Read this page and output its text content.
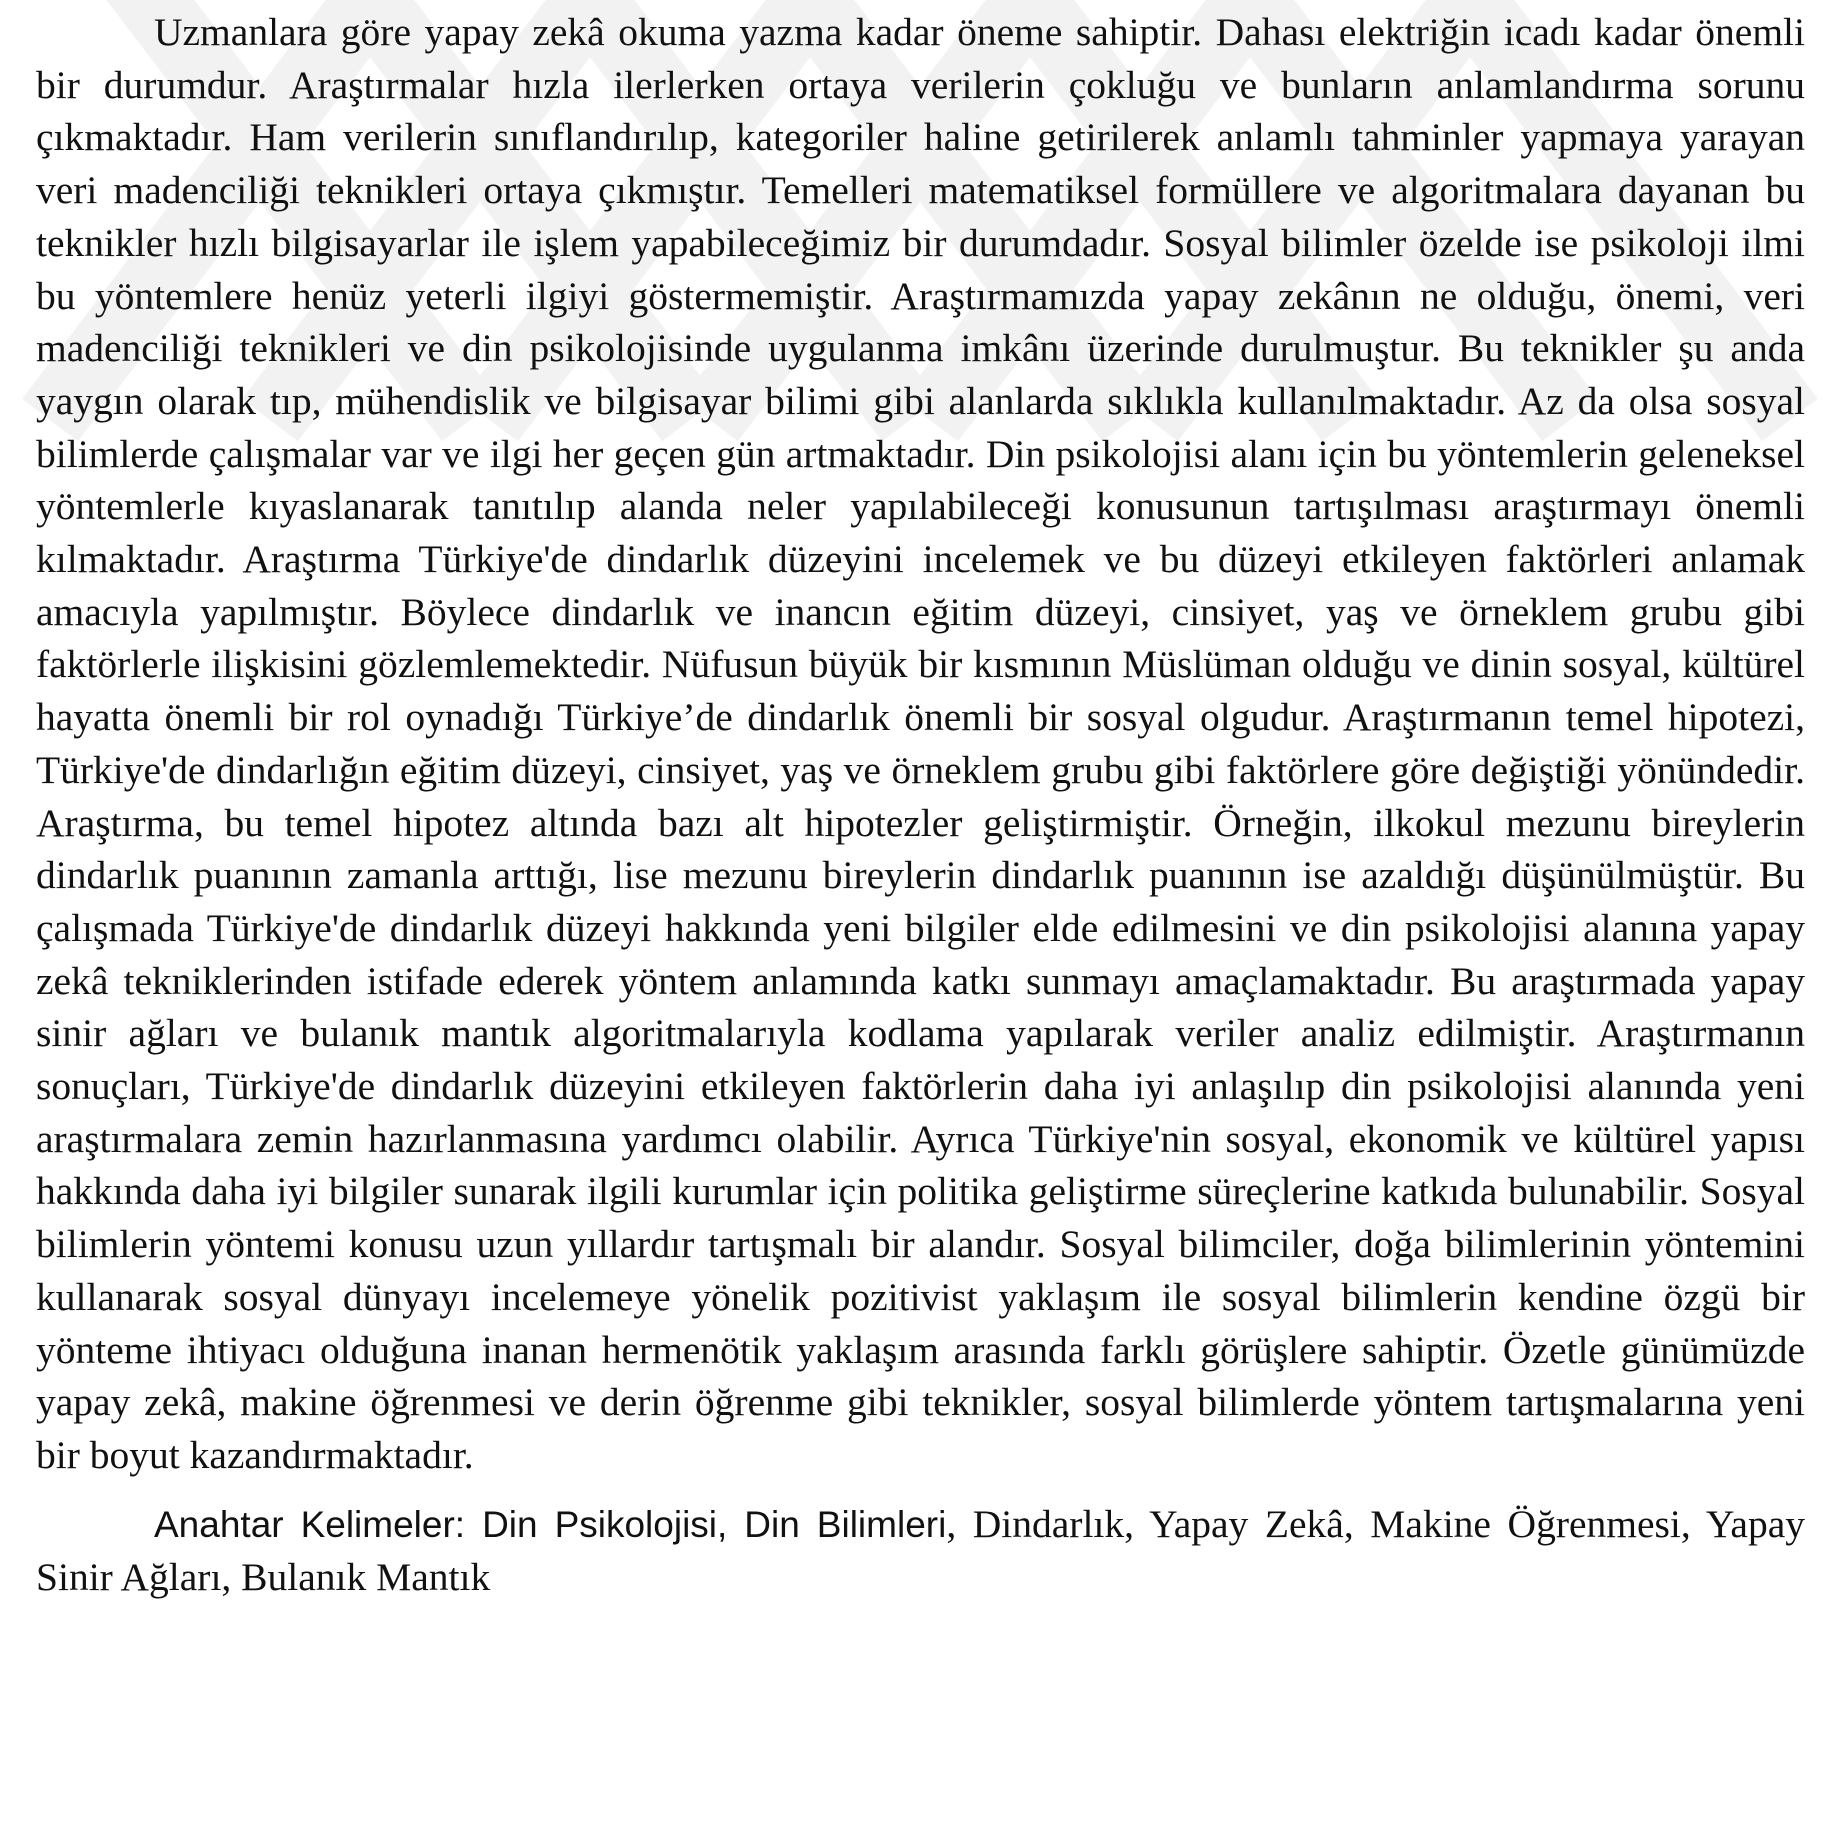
Uzmanlara göre yapay zekâ okuma yazma kadar öneme sahiptir. Dahası elektriğin icadı kadar önemli bir durumdur. Araştırmalar hızla ilerlerken ortaya verilerin çokluğu ve bunların anlamlandırma sorunu çıkmaktadır. Ham verilerin sınıflandırılıp, kategoriler haline getirilerek anlamlı tahminler yapmaya yarayan veri madenciliği teknikleri ortaya çıkmıştır. Temelleri matematiksel formüllere ve algoritmalara dayanan bu teknikler hızlı bilgisayarlar ile işlem yapabileceğimiz bir durumdadır. Sosyal bilimler özelde ise psikoloji ilmi bu yöntemlere henüz yeterli ilgiyi göstermemiştir. Araştırmamızda yapay zekânın ne olduğu, önemi, veri madenciliği teknikleri ve din psikolojisinde uygulanma imkânı üzerinde durulmuştur. Bu teknikler şu anda yaygın olarak tıp, mühendislik ve bilgisayar bilimi gibi alanlarda sıklıkla kullanılmaktadır. Az da olsa sosyal bilimlerde çalışmalar var ve ilgi her geçen gün artmaktadır. Din psikolojisi alanı için bu yöntemlerin geleneksel yöntemlerle kıyaslanarak tanıtılıp alanda neler yapılabileceği konusunun tartışılması araştırmayı önemli kılmaktadır. Araştırma Türkiye'de dindarlık düzeyini incelemek ve bu düzeyi etkileyen faktörleri anlamak amacıyla yapılmıştır. Böylece dindarlık ve inancın eğitim düzeyi, cinsiyet, yaş ve örneklem grubu gibi faktörlerle ilişkisini gözlemlemektedir. Nüfusun büyük bir kısmının Müslüman olduğu ve dinin sosyal, kültürel hayatta önemli bir rol oynadığı Türkiye’de dindarlık önemli bir sosyal olgudur. Araştırmanın temel hipotezi, Türkiye'de dindarlığın eğitim düzeyi, cinsiyet, yaş ve örneklem grubu gibi faktörlere göre değiştiği yönündedir. Araştırma, bu temel hipotez altında bazı alt hipotezler geliştirmiştir. Örneğin, ilkokul mezunu bireylerin dindarlık puanının zamanla arttığı, lise mezunu bireylerin dindarlık puanının ise azaldığı düşünülmüştür. Bu çalışmada Türkiye'de dindarlık düzeyi hakkında yeni bilgiler elde edilmesini ve din psikolojisi alanına yapay zekâ tekniklerinden istifade ederek yöntem anlamında katkı sunmayı amaçlamaktadır. Bu araştırmada yapay sinir ağları ve bulanık mantık algoritmalarıyla kodlama yapılarak veriler analiz edilmiştir. Araştırmanın sonuçları, Türkiye'de dindarlık düzeyini etkileyen faktörlerin daha iyi anlaşılıp din psikolojisi alanında yeni araştırmalara zemin hazırlanmasına yardımcı olabilir. Ayrıca Türkiye'nin sosyal, ekonomik ve kültürel yapısı hakkında daha iyi bilgiler sunarak ilgili kurumlar için politika geliştirme süreçlerine katkıda bulunabilir. Sosyal bilimlerin yöntemi konusu uzun yıllardır tartışmalı bir alandır. Sosyal bilimciler, doğa bilimlerinin yöntemini kullanarak sosyal dünyayı incelemeye yönelik pozitivist yaklaşım ile sosyal bilimlerin kendine özgü bir yönteme ihtiyacı olduğuna inanan hermenötik yaklaşım arasında farklı görüşlere sahiptir. Özetle günümüzde yapay zekâ, makine öğrenmesi ve derin öğrenme gibi teknikler, sosyal bilimlerde yöntem tartışmalarına yeni bir boyut kazandırmaktadır.

Anahtar Kelimeler: Din Psikolojisi, Din Bilimleri, Dindarlık, Yapay Zekâ, Makine Öğrenmesi, Yapay Sinir Ağları, Bulanık Mantık
